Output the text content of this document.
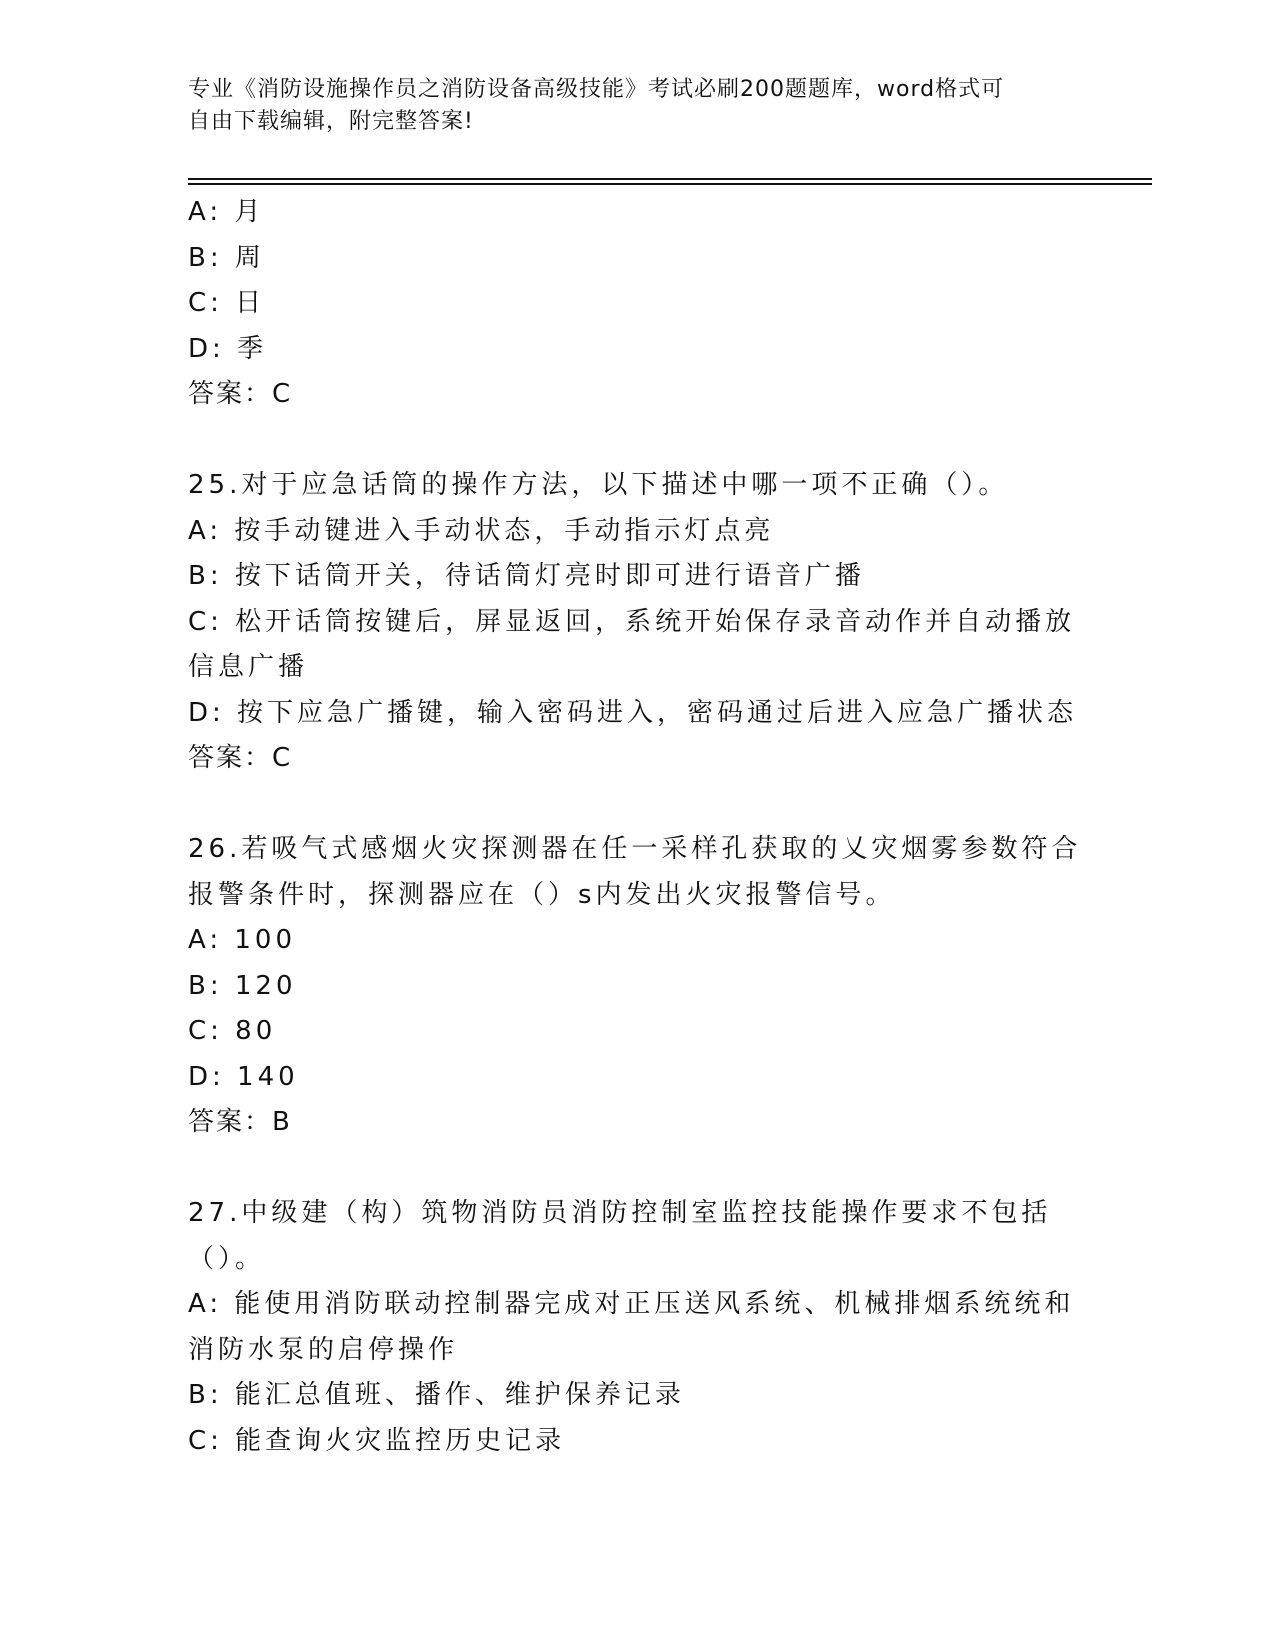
专业《消防设施操作员之消防设备高级技能》考试必刷200题题库，word格式可
自由下载编辑，附完整答案!
A: 月
B: 周
C: 日
D: 季
答案：C
25.对于应急话筒的操作方法，以下描述中哪一项不正确（）。
A: 按手动键进入手动状态，手动指示灯点亮
B: 按下话筒开关，待话筒灯亮时即可进行语音广播
C: 松开话筒按键后，屏显返回，系统开始保存录音动作并自动播放信息广播
D: 按下应急广播键，输入密码进入，密码通过后进入应急广播状态
答案：C
26.若吸气式感烟火灾探测器在任一采样孔获取的乂灾烟雾参数符合报警条件时，探测器应在（）s内发出火灾报警信号。
A: 100
B: 120
C: 80
D: 140
答案：B
27.中级建（构）筑物消防员消防控制室监控技能操作要求不包括（）。
A: 能使用消防联动控制器完成对正压送风系统、机械排烟系统统和消防水泵的启停操作
B: 能汇总值班、播作、维护保养记录
C: 能查询火灾监控历史记录
